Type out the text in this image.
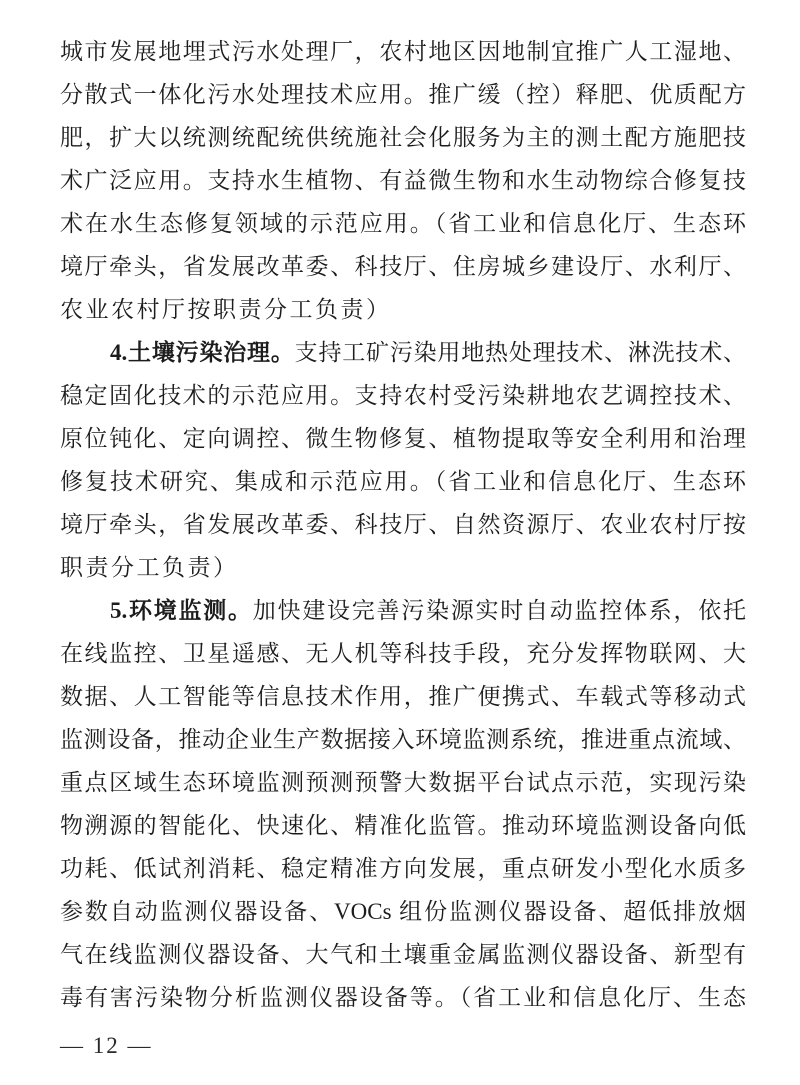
城市发展地埋式污水处理厂，农村地区因地制宜推广人工湿地、
分散式一体化污水处理技术应用。推广缓（控）释肥、优质配方
肥，扩大以统测统配统供统施社会化服务为主的测土配方施肥技
术广泛应用。支持水生植物、有益微生物和水生动物综合修复技
术在水生态修复领域的示范应用。（省工业和信息化厅、生态环
境厅牵头，省发展改革委、科技厅、住房城乡建设厅、水利厅、
农业农村厅按职责分工负责）
4.土壤污染治理。支持工矿污染用地热处理技术、淋洗技术、
稳定固化技术的示范应用。支持农村受污染耕地农艺调控技术、
原位钝化、定向调控、微生物修复、植物提取等安全利用和治理
修复技术研究、集成和示范应用。（省工业和信息化厅、生态环
境厅牵头，省发展改革委、科技厅、自然资源厅、农业农村厅按
职责分工负责）
5.环境监测。加快建设完善污染源实时自动监控体系，依托
在线监控、卫星遥感、无人机等科技手段，充分发挥物联网、大
数据、人工智能等信息技术作用，推广便携式、车载式等移动式
监测设备，推动企业生产数据接入环境监测系统，推进重点流域、
重点区域生态环境监测预测预警大数据平台试点示范，实现污染
物溯源的智能化、快速化、精准化监管。推动环境监测设备向低
功耗、低试剂消耗、稳定精准方向发展，重点研发小型化水质多
参数自动监测仪器设备、VOCs 组份监测仪器设备、超低排放烟
气在线监测仪器设备、大气和土壤重金属监测仪器设备、新型有
毒有害污染物分析监测仪器设备等。（省工业和信息化厅、生态
— 12 —
